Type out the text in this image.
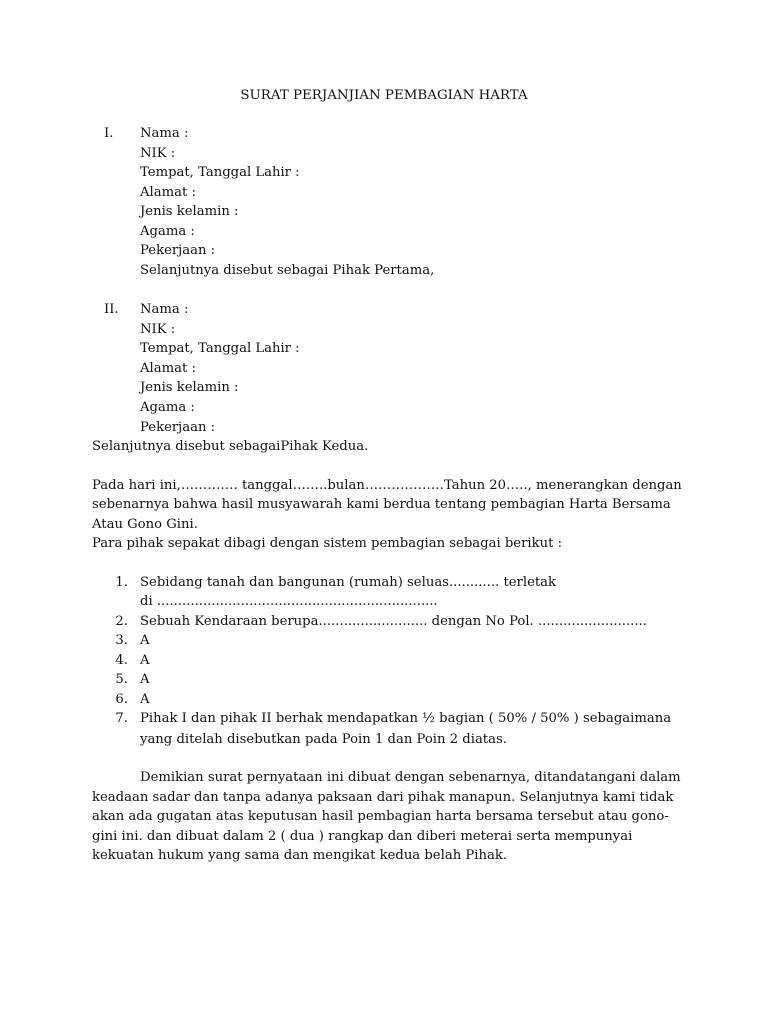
SURAT PERJANJIAN PEMBAGIAN HARTA
I. Nama :
NIK :
Tempat, Tanggal Lahir :
Alamat :
Jenis kelamin :
Agama :
Pekerjaan :
Selanjutnya disebut sebagai Pihak Pertama,
II. Nama :
NIK :
Tempat, Tanggal Lahir :
Alamat :
Jenis kelamin :
Agama :
Pekerjaan :
Selanjutnya disebut sebagaiPihak Kedua.
Pada hari ini,…………. tanggal……..bulan………………Tahun 20….., menerangkan dengan
sebenarnya bahwa hasil musyawarah kami berdua tentang pembagian Harta Bersama
Atau Gono Gini.
Para pihak sepakat dibagi dengan sistem pembagian sebagai berikut :
1. Sebidang tanah dan bangunan (rumah) seluas............ terletak
di ...................................................................
2. Sebuah Kendaraan berupa.......................... dengan No Pol. ..........................
3. A
4. A
5. A
6. A
7. Pihak I dan pihak II berhak mendapatkan ½ bagian ( 50% / 50% ) sebagaimana
yang ditelah disebutkan pada Poin 1 dan Poin 2 diatas.
Demikian surat pernyataan ini dibuat dengan sebenarnya, ditandatangani dalam
keadaan sadar dan tanpa adanya paksaan dari pihak manapun. Selanjutnya kami tidak
akan ada gugatan atas keputusan hasil pembagian harta bersama tersebut atau gono-
gini ini. dan dibuat dalam 2 ( dua ) rangkap dan diberi meterai serta mempunyai
kekuatan hukum yang sama dan mengikat kedua belah Pihak.
